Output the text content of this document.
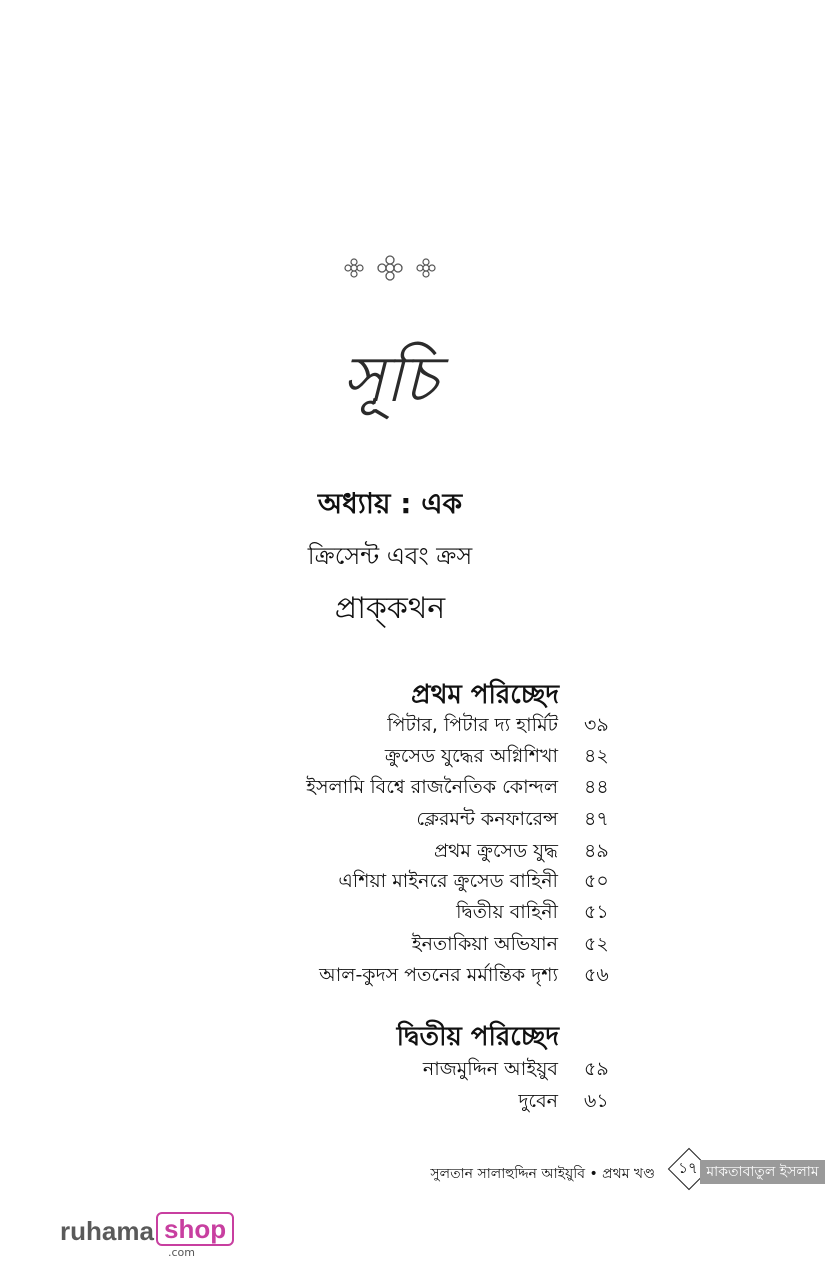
সূচি
অধ্যায় : এক
ক্রিসেন্ট এবং ক্রস
প্রাক্‌কথন
প্রথম পরিচ্ছেদ
পিটার, পিটার দ্য হার্মিট ৩৯
ক্রুসেড যুদ্ধের অগ্নিশিখা ৪২
ইসলামি বিশ্বে রাজনৈতিক কোন্দল ৪৪
ক্লেরমন্ট কনফারেন্স ৪৭
প্রথম ক্রুসেড যুদ্ধ ৪৯
এশিয়া মাইনরে ক্রুসেড বাহিনী ৫০
দ্বিতীয় বাহিনী ৫১
ইনতাকিয়া অভিযান ৫২
আল-কুদস পতনের মর্মান্তিক দৃশ্য ৫৬
দ্বিতীয় পরিচ্ছেদ
নাজমুদ্দিন আইয়ুব ৫৯
দুবেন ৬১
সুলতান সালাহুদ্দিন আইয়ুবি • প্রথম খণ্ড	১৭ মাকতাবাতুল ইসলাম
ruhama shop
.com
